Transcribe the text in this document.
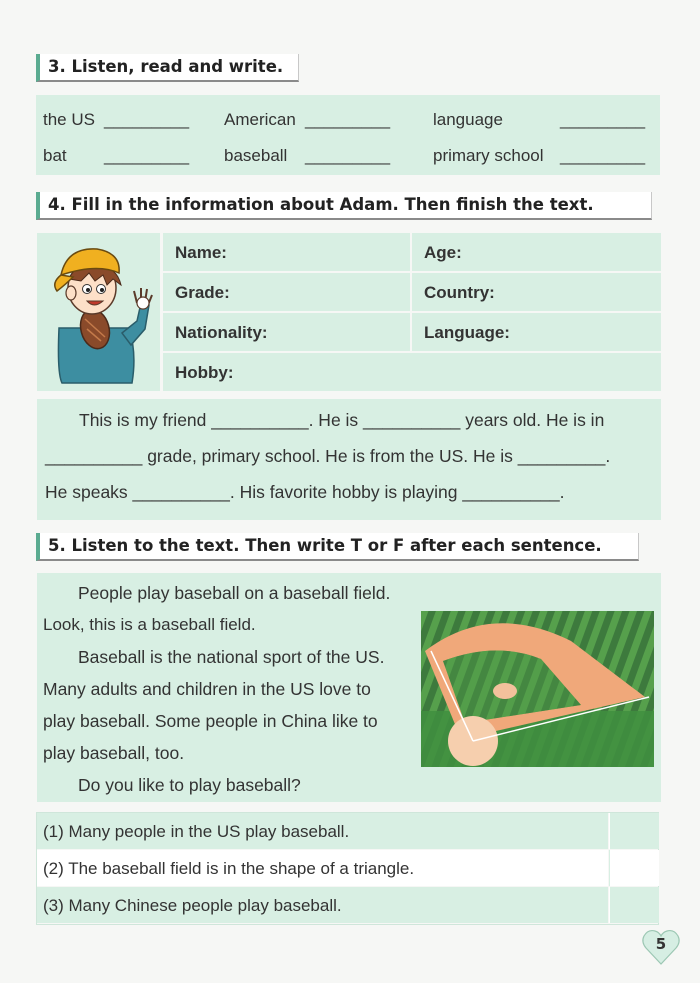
3. Listen, read and write.
the US _________ American _________	language	_________
bat _________ baseball _________	primary school _________
4. Fill in the information about Adam. Then finish the text.
Name:	Age:
Grade:	Country:
Nationality:	Language:
Hobby:
This is my friend __________. He is __________ years old. He is in
__________ grade, primary school. He is from the US. He is _________.
He speaks __________. His favorite hobby is playing __________.
5. Listen to the text. Then write T or F after each sentence.
People play baseball on a baseball field.
Look, this is a baseball field.
Baseball is the national sport of the US.
Many adults and children in the US love to
play baseball. Some people in China like to
play baseball, too.
Do you like to play baseball?
(1) Many people in the US play baseball.
(2) The baseball field is in the shape of a triangle.
(3) Many Chinese people play baseball.
5
